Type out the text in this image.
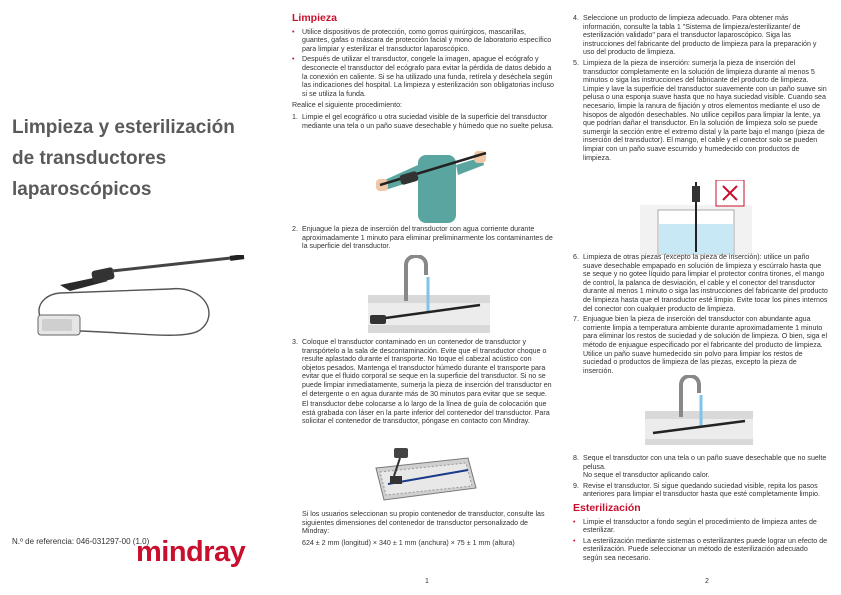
Limpieza y esterilización
de transductores
laparoscópicos
N.º de referencia: 046-031297-00 (1.0)
mindray
1
Limpieza
• Utilice dispositivos de protección, como gorros quirúrgicos, mascarillas, guantes, gafas o máscara de protección facial y mono de laboratorio específico para limpiar y esterilizar el transductor laparoscópico.
• Después de utilizar el transductor, congele la imagen, apague el ecógrafo y desconecte el transductor del ecógrafo para evitar la pérdida de datos debido a la conexión en caliente. Si se ha utilizado una funda, retírela y deséchela según las indicaciones del hospital. La limpieza y esterilización son obligatorias incluso si se utiliza la funda.

Realice el siguiente procedimiento:

1. Limpie el gel ecográfico u otra suciedad visible de la superficie del transductor mediante una tela o un paño suave desechable y húmedo que no suelte pelusa.
2. Enjuague la pieza de inserción del transductor con agua corriente durante aproximadamente 1 minuto para eliminar preliminarmente los contaminantes de la superficie del transductor.
3. Coloque el transductor contaminado en un contenedor de transductor y transpórtelo a la sala de descontaminación. Evite que el transductor choque o resulte aplastado durante el transporte. No toque el cabezal acústico con objetos pesados. Mantenga el transductor húmedo durante el transporte para evitar que el fluido corporal se seque en la superficie del transductor. Si no se puede limpiar inmediatamente, sumerja la pieza de inserción del transductor en el detergente o en agua durante más de 30 minutos para evitar que se seque.

El transductor debe colocarse a lo largo de la línea de guía de colocación que está grabada con láser en la parte inferior del contenedor del transductor. Para solicitar el contenedor de transductor, póngase en contacto con Mindray.

Si los usuarios seleccionan su propio contenedor de transductor, consulte las siguientes dimensiones del contenedor de transductor personalizado de Mindray:

624 ± 2 mm (longitud) × 340 ± 1 mm (anchura) × 75 ± 1 mm (altura)

4. Seleccione un producto de limpieza adecuado. Para obtener más información, consulte la tabla 1 "Sistema de limpieza/esterilizante/ de esterilización validado" para el transductor laparoscópico. Siga las instrucciones del fabricante del producto de limpieza para la preparación y uso del producto de limpieza.
5. Limpieza de la pieza de inserción: sumerja la pieza de inserción del transductor completamente en la solución de limpieza durante al menos 5 minutos o siga las instrucciones del fabricante del producto de limpieza. Limpie y lave la superficie del transductor suavemente con un paño suave sin pelusa o una esponja suave hasta que no haya suciedad visible. Cuando sea necesario, limpie la ranura de fijación y otros elementos mediante el uso de hisopos de algodón desechables. No utilice cepillos para limpiar la lente, ya que podrían dañar el transductor. En la solución de limpieza solo se puede sumergir la sección entre el extremo distal y la parte bajo el mango (pieza de inserción del transductor). El mango, el cable y el conector solo se pueden limpiar con un paño suave escurrido y humedecido con productos de limpieza.
6. Limpieza de otras piezas (excepto la pieza de inserción): utilice un paño suave desechable empapado en solución de limpieza y escúrralo hasta que se seque y no gotee líquido para limpiar el protector contra tirones, el mango de control, la palanca de desviación, el cable y el conector del transductor durante al menos 1 minuto o siga las instrucciones del fabricante del producto de limpieza hasta que el transductor esté limpio. Evite tocar los pines internos del conector con cualquier producto de limpieza.
7. Enjuague bien la pieza de inserción del transductor con abundante agua corriente limpia a temperatura ambiente durante aproximadamente 1 minuto para eliminar los restos de suciedad y de solución de limpieza. O bien, siga el método de enjuague especificado por el fabricante del producto de limpieza. Utilice un paño suave humedecido sin polvo para limpiar los restos de suciedad o productos de limpieza de las piezas, excepto la pieza de inserción.
8. Seque el transductor con una tela o un paño suave desechable que no suelte pelusa.
No seque el transductor aplicando calor.
9. Revise el transductor. Si sigue quedando suciedad visible, repita los pasos anteriores para limpiar el transductor hasta que esté completamente limpio.
Esterilización
• Limpie el transductor a fondo según el procedimiento de limpieza antes de esterilizar.
• La esterilización mediante sistemas o esterilizantes puede lograr un efecto de esterilización. Puede seleccionar un método de esterilización adecuado según sea necesario.
2
